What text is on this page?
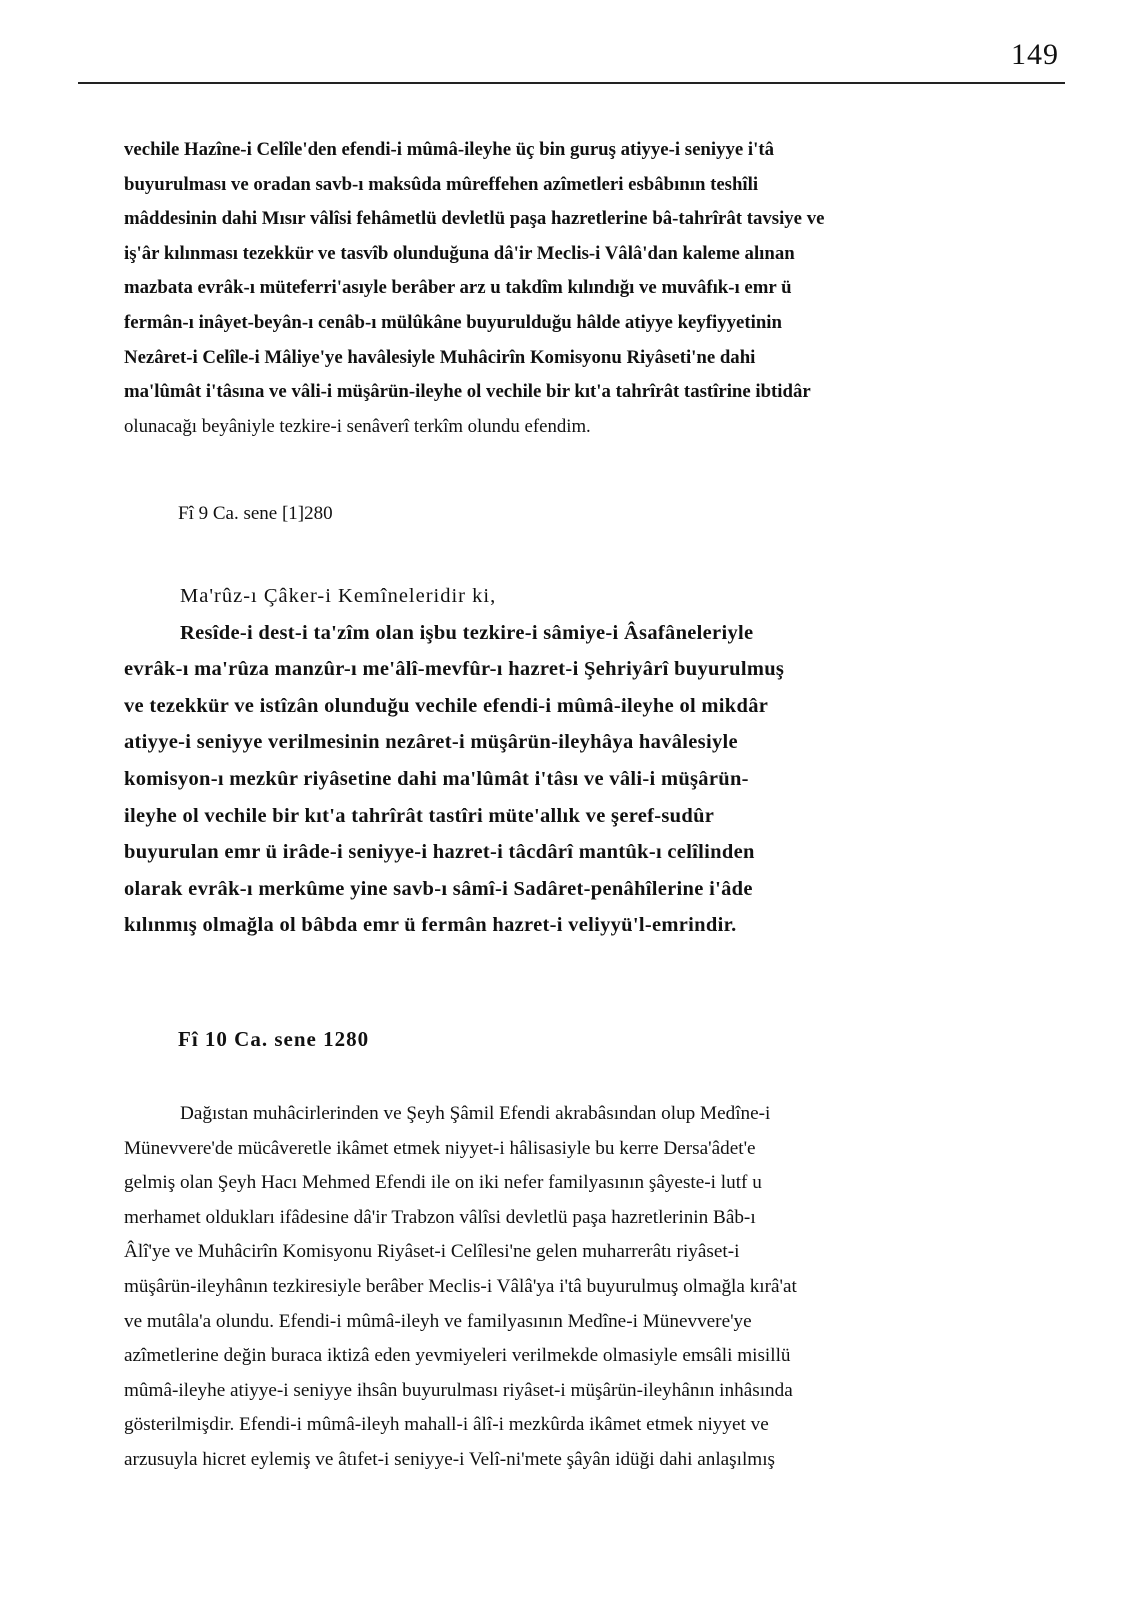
149
vechile Hazîne-i Celîle'den efendi-i mûmâ-ileyhe üç bin guruş atiyye-i seniyye i'tâ
buyurulması ve oradan savb-ı maksûda mûreffehen azîmetleri esbâbının teshîli
mâddesinin dahi Mısır vâlîsi fehâmetlü devletlü paşa hazretlerine bâ-tahrîrât tavsiye ve
iş'âr kılınması tezekkür ve tasvîb olunduğuna dâ'ir Meclis-i Vâlâ'dan kaleme alınan
mazbata evrâk-ı müteferri'asıyle berâber arz u takdîm kılındığı ve muvâfık-ı emr ü
fermân-ı inâyet-beyân-ı cenâb-ı mülûkâne buyurulduğu hâlde atiyye keyfiyyetinin
Nezâret-i Celîle-i Mâliye'ye havâlesiyle Muhâcirîn Komisyonu Riyâseti'ne dahi
ma'lûmât i'tâsına ve vâli-i müşârün-ileyhe ol vechile bir kıt'a tahrîrât tastîrine ibtidâr
olunacağı beyâniyle tezkire-i senâverî terkîm olundu efendim.
Fî 9 Ca. sene [1]280
Ma'rûz-ı Çâker-i Kemîneleridir ki,
Resîde-i dest-i ta'zîm olan işbu tezkire-i sâmiye-i Âsafâneleriyle
evrâk-ı ma'rûza manzûr-ı me'âlî-mevfûr-ı hazret-i Şehriyârî buyurulmuş
ve tezekkür ve istîzân olunduğu vechile efendi-i mûmâ-ileyhe ol mikdâr
atiyye-i seniyye verilmesinin nezâret-i müşârün-ileyhâya havâlesiyle
komisyon-ı mezkûr riyâsetine dahi ma'lûmât i'tâsı ve vâli-i müşârün-
ileyhe ol vechile bir kıt'a tahrîrât tastîri müte'allık ve şeref-sudûr
buyurulan emr ü irâde-i seniyye-i hazret-i tâcdârî mantûk-ı celîlinden
olarak evrâk-ı merkûme yine savb-ı sâmî-i Sadâret-penâhîlerine i'âde
kılınmış olmağla ol bâbda emr ü fermân hazret-i veliyyü'l-emrindir.
Fî 10 Ca. sene 1280
Dağıstan muhâcirlerinden ve Şeyh Şâmil Efendi akrabâsından olup Medîne-i
Münevvere'de mücâveretle ikâmet etmek niyyet-i hâlisasiyle bu kerre Dersa'âdet'e
gelmiş olan Şeyh Hacı Mehmed Efendi ile on iki nefer familyasının şâyeste-i lutf u
merhamet oldukları ifâdesine dâ'ir Trabzon vâlîsi devletlü paşa hazretlerinin Bâb-ı
Âlî'ye ve Muhâcirîn Komisyonu Riyâset-i Celîlesi'ne gelen muharrerâtı riyâset-i
müşârün-ileyhânın tezkiresiyle berâber Meclis-i Vâlâ'ya i'tâ buyurulmuş olmağla kırâ'at
ve mutâla'a olundu. Efendi-i mûmâ-ileyh ve familyasının Medîne-i Münevvere'ye
azîmetlerine değin buraca iktizâ eden yevmiyeleri verilmekde olmasiyle emsâli misillü
mûmâ-ileyhe atiyye-i seniyye ihsân buyurulması riyâset-i müşârün-ileyhânın inhâsında
gösterilmişdir. Efendi-i mûmâ-ileyh mahall-i âlî-i mezkûrda ikâmet etmek niyyet ve
arzusuyla hicret eylemiş ve âtıfet-i seniyye-i Velî-ni'mete şâyân idüği dahi anlaşılmış
